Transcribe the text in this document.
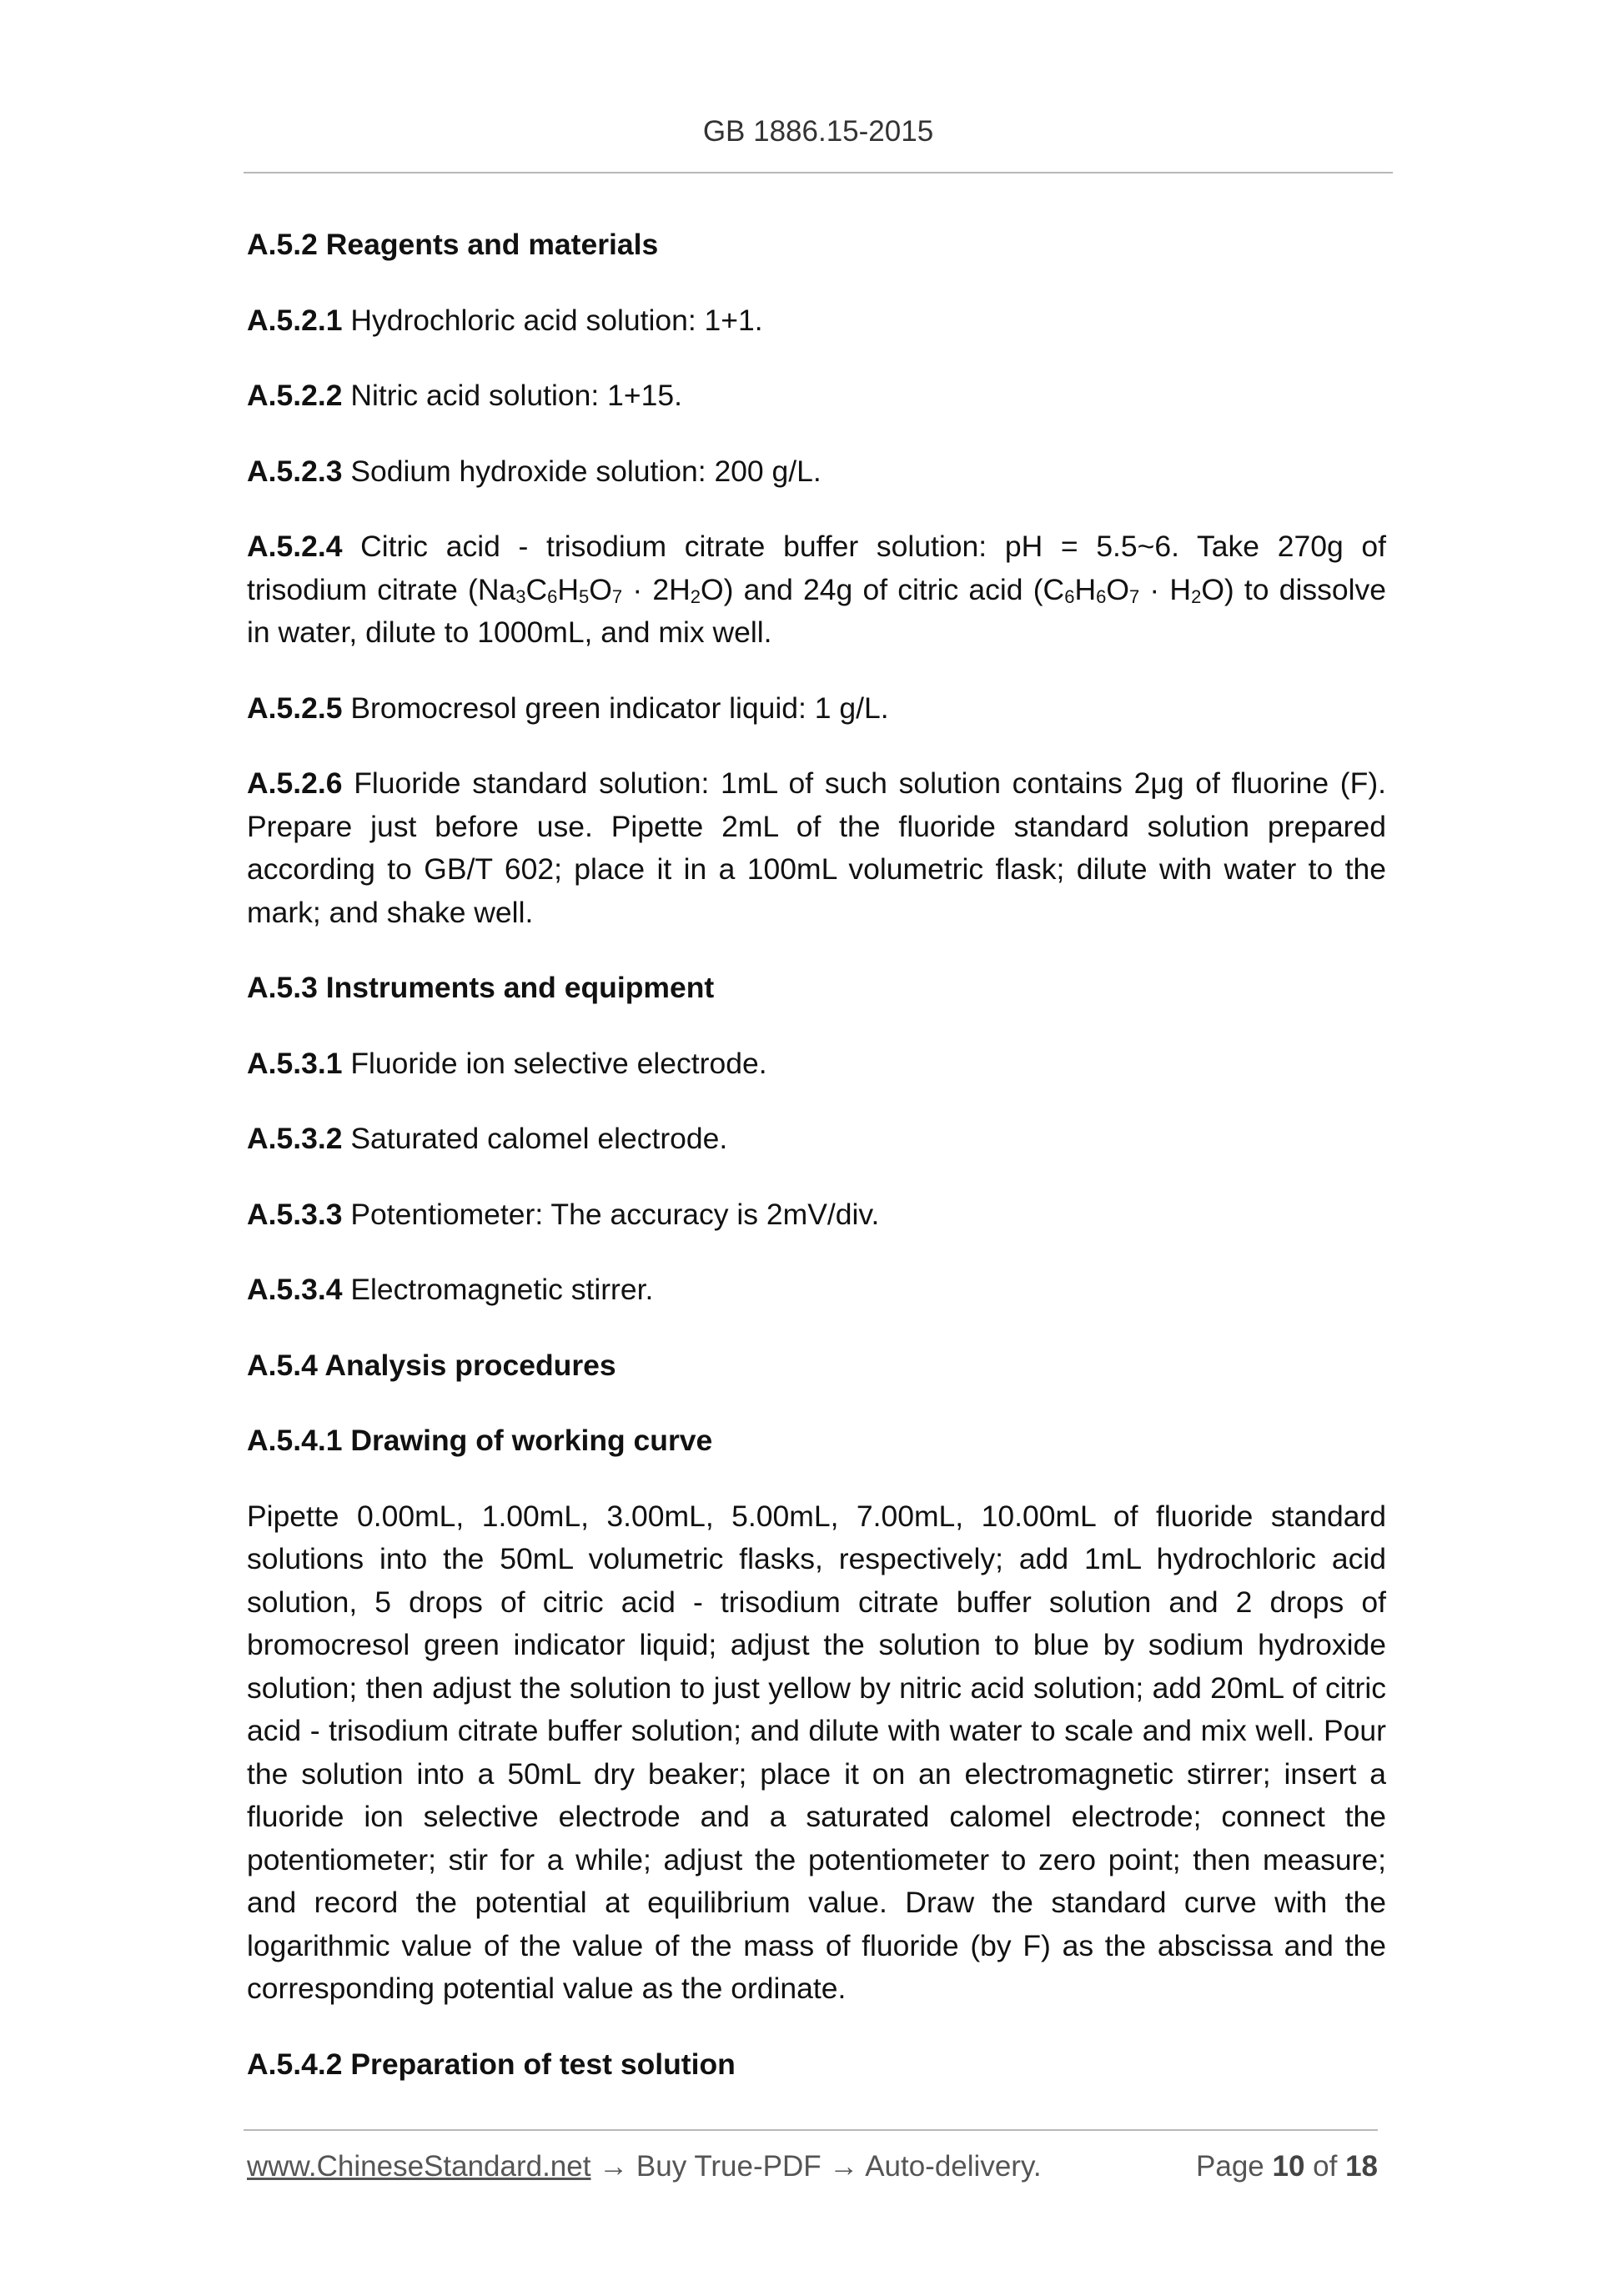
GB 1886.15-2015

A.5.2 Reagents and materials

A.5.2.1 Hydrochloric acid solution: 1+1.

A.5.2.2 Nitric acid solution: 1+15.

A.5.2.3 Sodium hydroxide solution: 200 g/L.

A.5.2.4 Citric acid - trisodium citrate buffer solution: pH = 5.5~6. Take 270g of trisodium citrate $(Na_3C_6H_5O_7 \cdot 2H_2O)$ and 24g of citric acid $(C_6H_6O_7 \cdot H_2O)$ to dissolve in water, dilute to 1000mL, and mix well.

A.5.2.5 Bromocresol green indicator liquid: 1 g/L.

A.5.2.6 Fluoride standard solution: 1mL of such solution contains 2μg of fluorine (F). Prepare just before use. Pipette 2mL of the fluoride standard solution prepared according to GB/T 602; place it in a 100mL volumetric flask; dilute with water to the mark; and shake well.

A.5.3 Instruments and equipment

A.5.3.1 Fluoride ion selective electrode.

A.5.3.2 Saturated calomel electrode.

A.5.3.3 Potentiometer: The accuracy is 2mV/div.

A.5.3.4 Electromagnetic stirrer.

A.5.4 Analysis procedures

A.5.4.1 Drawing of working curve

Pipette 0.00mL, 1.00mL, 3.00mL, 5.00mL, 7.00mL, 10.00mL of fluoride standard solutions into the 50mL volumetric flasks, respectively; add 1mL hydrochloric acid solution, 5 drops of citric acid - trisodium citrate buffer solution and 2 drops of bromocresol green indicator liquid; adjust the solution to blue by sodium hydroxide solution; then adjust the solution to just yellow by nitric acid solution; add 20mL of citric acid - trisodium citrate buffer solution; and dilute with water to scale and mix well. Pour the solution into a 50mL dry beaker; place it on an electromagnetic stirrer; insert a fluoride ion selective electrode and a saturated calomel electrode; connect the potentiometer; stir for a while; adjust the potentiometer to zero point; then measure; and record the potential at equilibrium value. Draw the standard curve with the logarithmic value of the value of the mass of fluoride (by F) as the abscissa and the corresponding potential value as the ordinate.

A.5.4.2 Preparation of test solution

www.ChineseStandard.net → Buy True-PDF → Auto-delivery.	Page 10 of 18
